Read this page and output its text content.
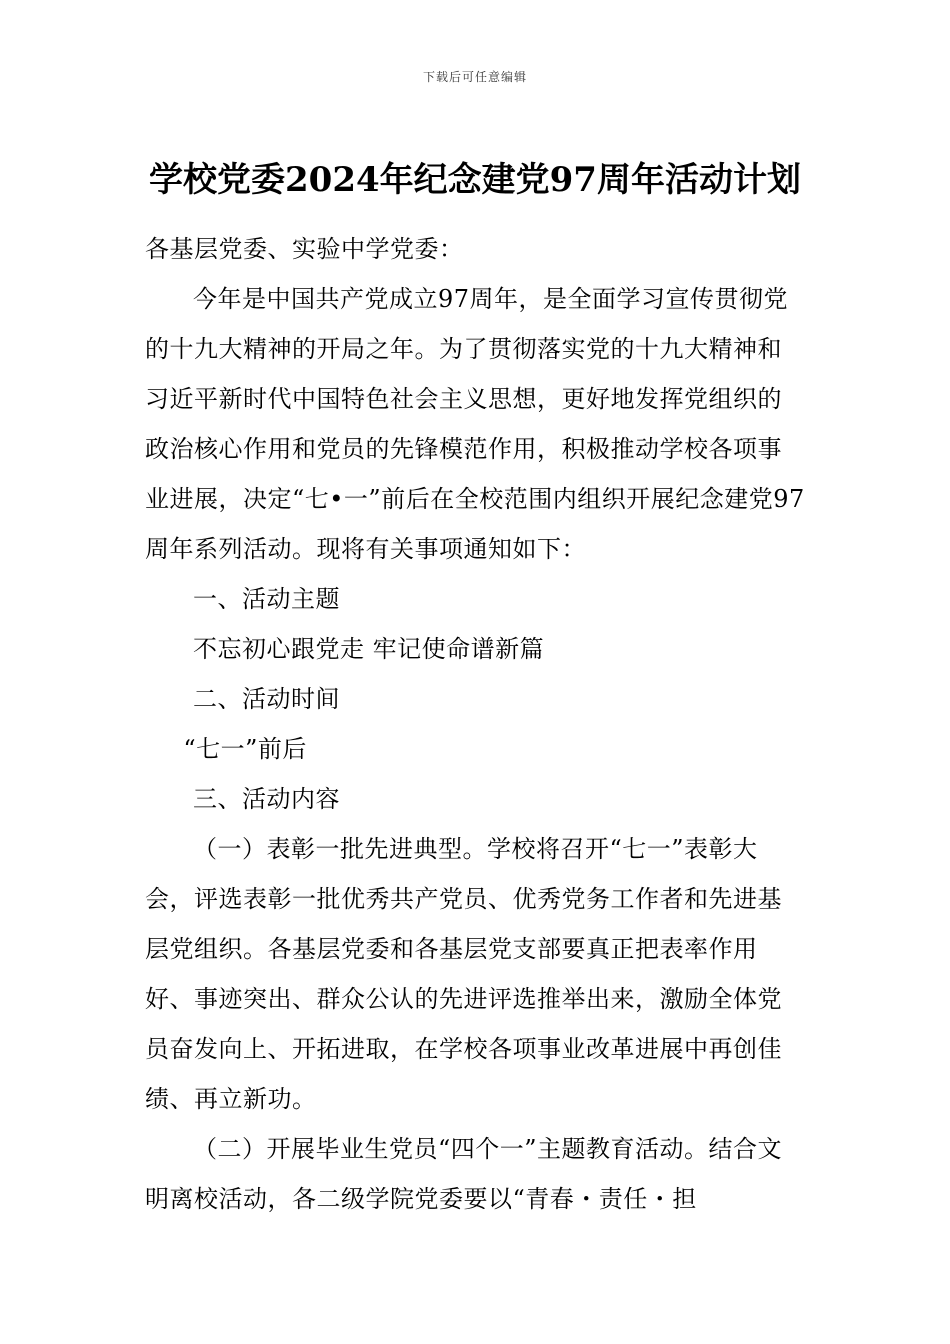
下载后可任意编辑
学校党委2024年纪念建党97周年活动计划

各基层党委、实验中学党委：

今年是中国共产党成立97周年，是全面学习宣传贯彻党的十九大精神的开局之年。为了贯彻落实党的十九大精神和习近平新时代中国特色社会主义思想，更好地发挥党组织的政治核心作用和党员的先锋模范作用，积极推动学校各项事业进展，决定“七•一”前后在全校范围内组织开展纪念建党97周年系列活动。现将有关事项通知如下：

一、活动主题

不忘初心跟党走 牢记使命谱新篇

二、活动时间

“七一”前后

三、活动内容

（一）表彰一批先进典型。学校将召开“七一”表彰大会，评选表彰一批优秀共产党员、优秀党务工作者和先进基层党组织。各基层党委和各基层党支部要真正把表率作用好、事迹突出、群众公认的先进评选推举出来，激励全体党员奋发向上、开拓进取，在学校各项事业改革进展中再创佳绩、再立新功。

（二）开展毕业生党员“四个一”主题教育活动。结合文明离校活动，各二级学院党委要以“青春・责任・担
